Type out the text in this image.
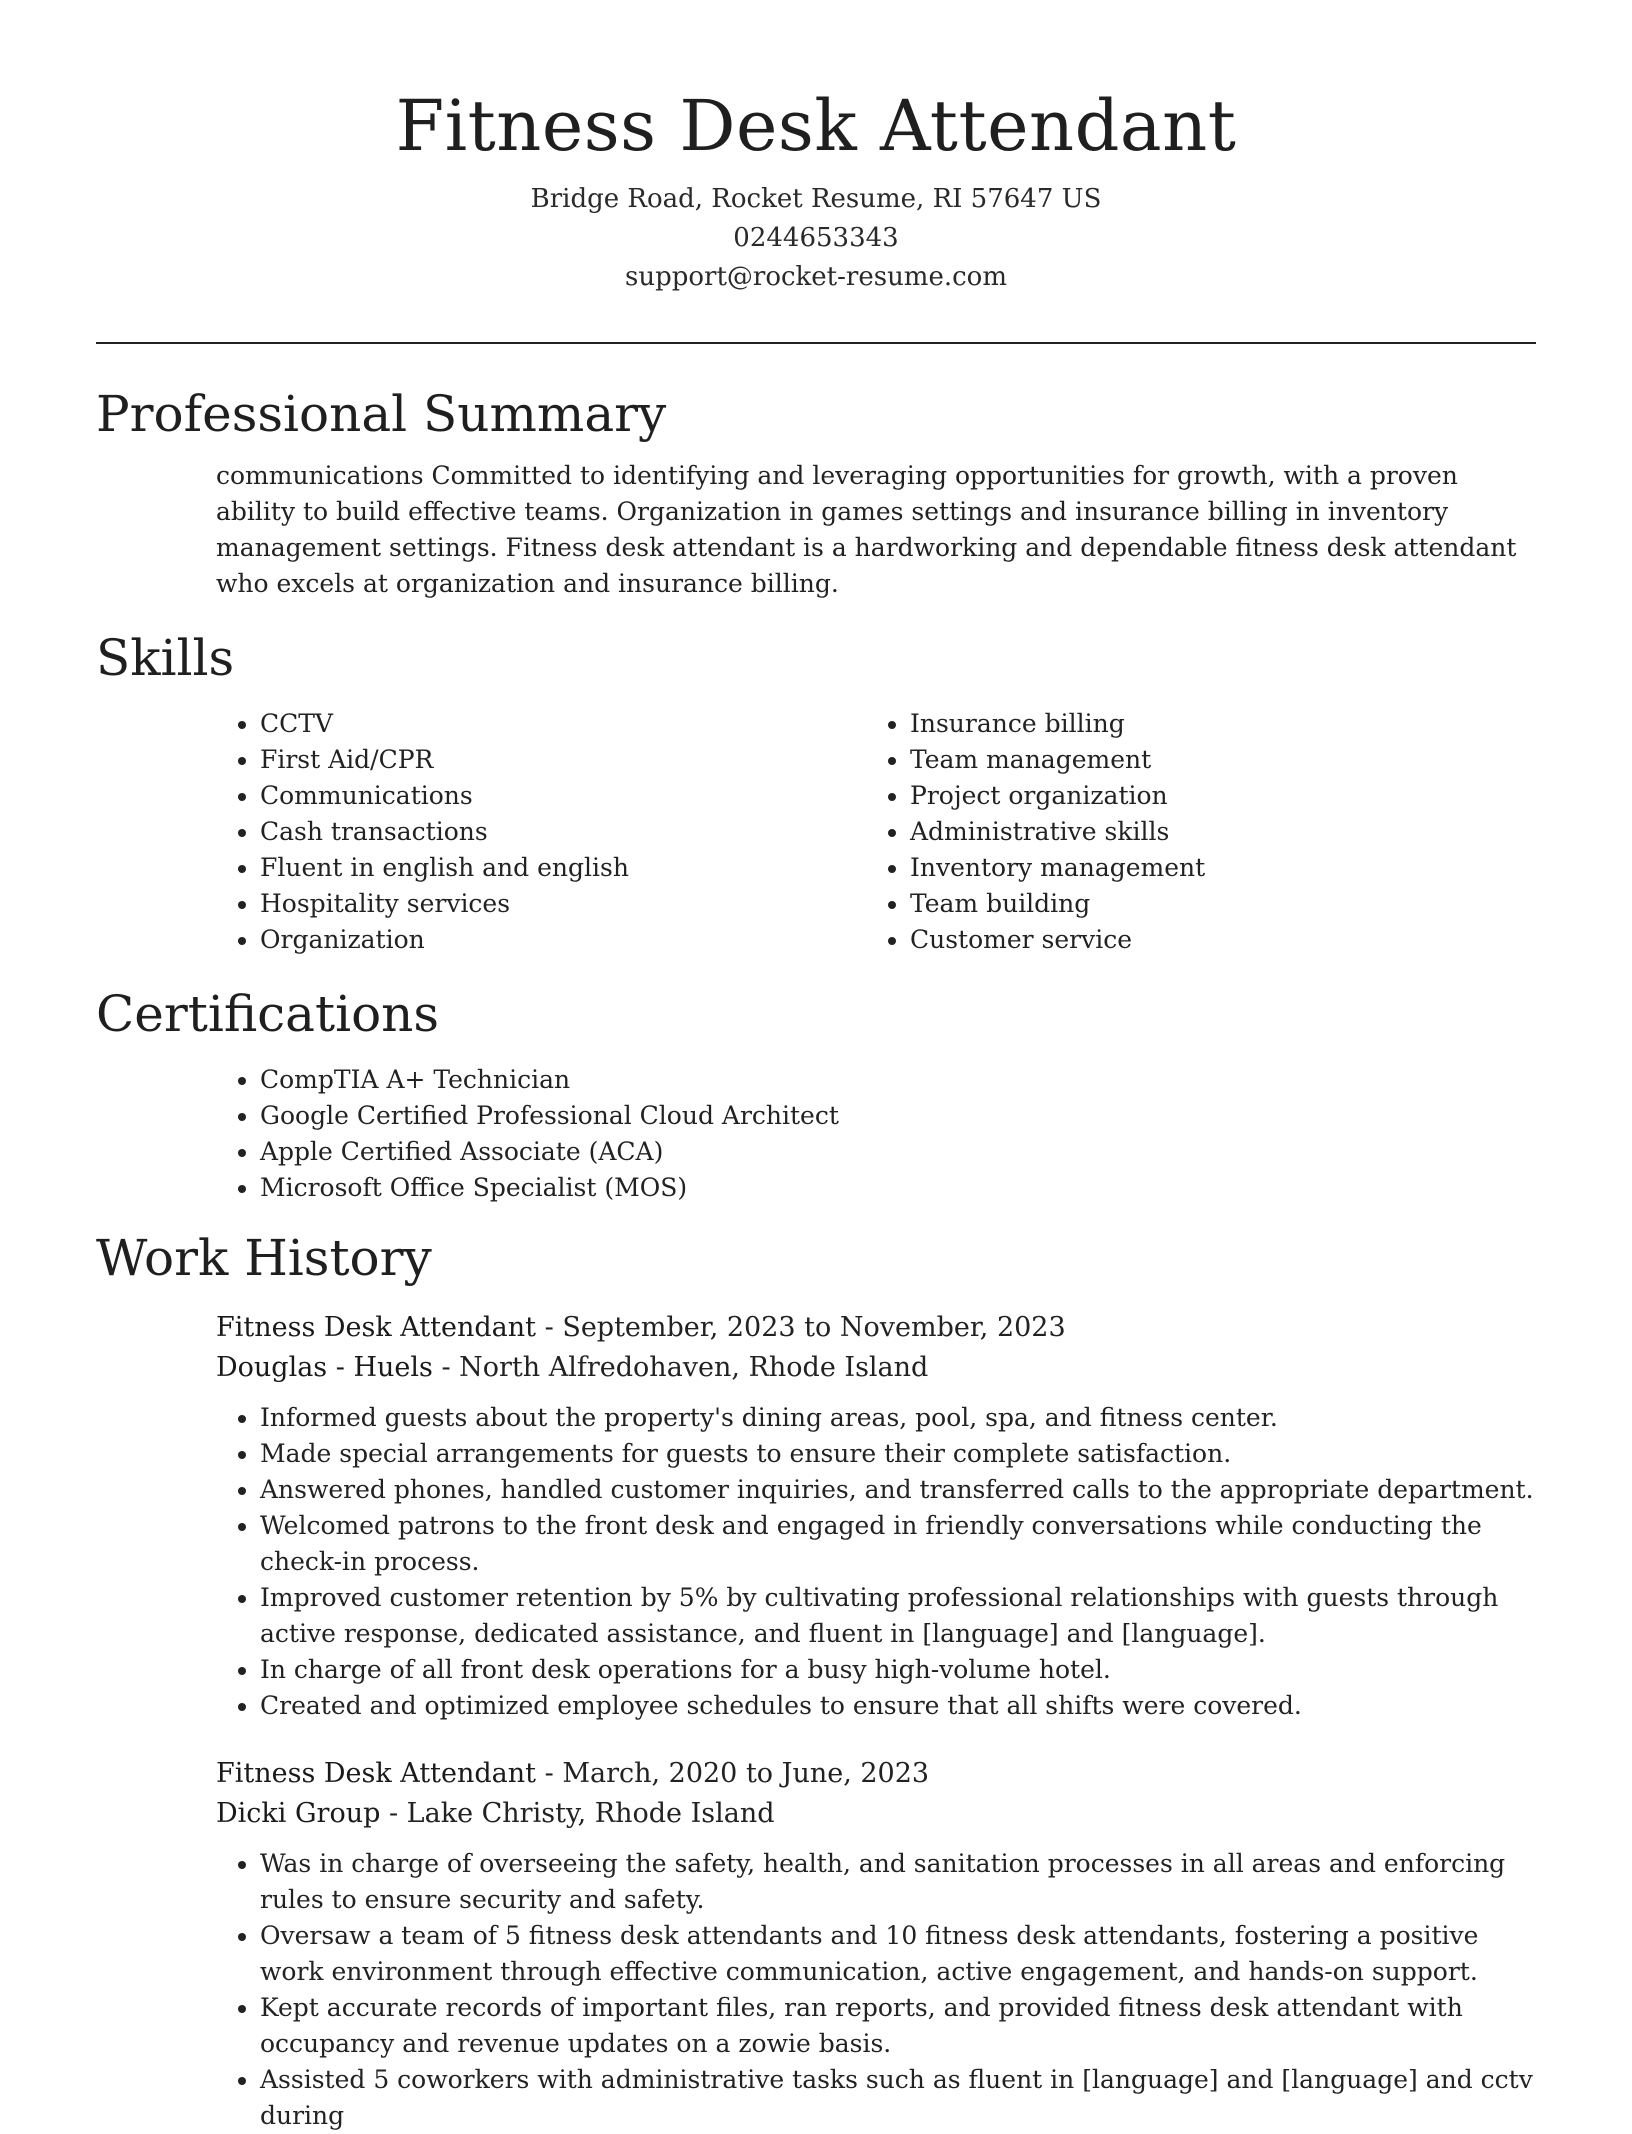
Fitness Desk Attendant
Bridge Road, Rocket Resume, RI 57647 US
0244653343
support@rocket-resume.com
Professional Summary

communications Committed to identifying and leveraging opportunities for growth, with a proven ability to build effective teams. Organization in games settings and insurance billing in inventory management settings. Fitness desk attendant is a hardworking and dependable fitness desk attendant who excels at organization and insurance billing.

Skills
• CCTV
• First Aid/CPR
• Communications
• Cash transactions
• Fluent in english and english
• Hospitality services
• Organization
• Insurance billing
• Team management
• Project organization
• Administrative skills
• Inventory management
• Team building
• Customer service
Certifications
• CompTIA A+ Technician
• Google Certified Professional Cloud Architect
• Apple Certified Associate (ACA)
• Microsoft Office Specialist (MOS)
Work History
Fitness Desk Attendant - September, 2023 to November, 2023
Douglas - Huels - North Alfredohaven, Rhode Island
• Informed guests about the property's dining areas, pool, spa, and fitness center.
• Made special arrangements for guests to ensure their complete satisfaction.
• Answered phones, handled customer inquiries, and transferred calls to the appropriate department.
• Welcomed patrons to the front desk and engaged in friendly conversations while conducting the check-in process.
• Improved customer retention by 5% by cultivating professional relationships with guests through active response, dedicated assistance, and fluent in [language] and [language].
• In charge of all front desk operations for a busy high-volume hotel.
• Created and optimized employee schedules to ensure that all shifts were covered.
Fitness Desk Attendant - March, 2020 to June, 2023
Dicki Group - Lake Christy, Rhode Island
• Was in charge of overseeing the safety, health, and sanitation processes in all areas and enforcing rules to ensure security and safety.
• Oversaw a team of 5 fitness desk attendants and 10 fitness desk attendants, fostering a positive work environment through effective communication, active engagement, and hands-on support.
• Kept accurate records of important files, ran reports, and provided fitness desk attendant with occupancy and revenue updates on a zowie basis.
• Assisted 5 coworkers with administrative tasks such as fluent in [language] and [language] and cctv during
